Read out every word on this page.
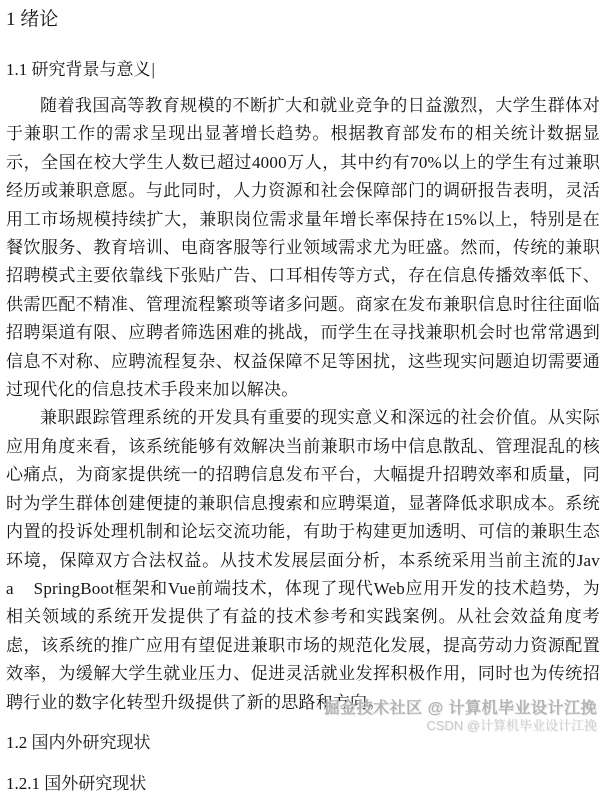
1 绪论
1.1 研究背景与意义|

随着我国高等教育规模的不断扩大和就业竞争的日益激烈，大学生群体对于兼职工作的需求呈现出显著增长趋势。根据教育部发布的相关统计数据显示，全国在校大学生人数已超过4000万人，其中约有70%以上的学生有过兼职经历或兼职意愿。与此同时，人力资源和社会保障部门的调研报告表明，灵活用工市场规模持续扩大，兼职岗位需求量年增长率保持在15%以上，特别是在餐饮服务、教育培训、电商客服等行业领域需求尤为旺盛。然而，传统的兼职招聘模式主要依靠线下张贴广告、口耳相传等方式，存在信息传播效率低下、供需匹配不精准、管理流程繁琐等诸多问题。商家在发布兼职信息时往往面临招聘渠道有限、应聘者筛选困难的挑战，而学生在寻找兼职机会时也常常遇到信息不对称、应聘流程复杂、权益保障不足等困扰，这些现实问题迫切需要通过现代化的信息技术手段来加以解决。

兼职跟踪管理系统的开发具有重要的现实意义和深远的社会价值。从实际应用角度来看，该系统能够有效解决当前兼职市场中信息散乱、管理混乱的核心痛点，为商家提供统一的招聘信息发布平台，大幅提升招聘效率和质量，同时为学生群体创建便捷的兼职信息搜索和应聘渠道，显著降低求职成本。系统内置的投诉处理机制和论坛交流功能，有助于构建更加透明、可信的兼职生态环境，保障双方合法权益。从技术发展层面分析，本系统采用当前主流的Java    SpringBoot框架和Vue前端技术，体现了现代Web应用开发的技术趋势，为相关领域的系统开发提供了有益的技术参考和实践案例。从社会效益角度考虑，该系统的推广应用有望促进兼职市场的规范化发展，提高劳动力资源配置效率，为缓解大学生就业压力、促进灵活就业发挥积极作用，同时也为传统招聘行业的数字化转型升级提供了新的思路和方向。

1.2 国内外研究现状
1.2.1 国外研究现状
掘金技术社区 @ 计算机毕业设计江挽
CSDN @计算机毕业设计江挽
